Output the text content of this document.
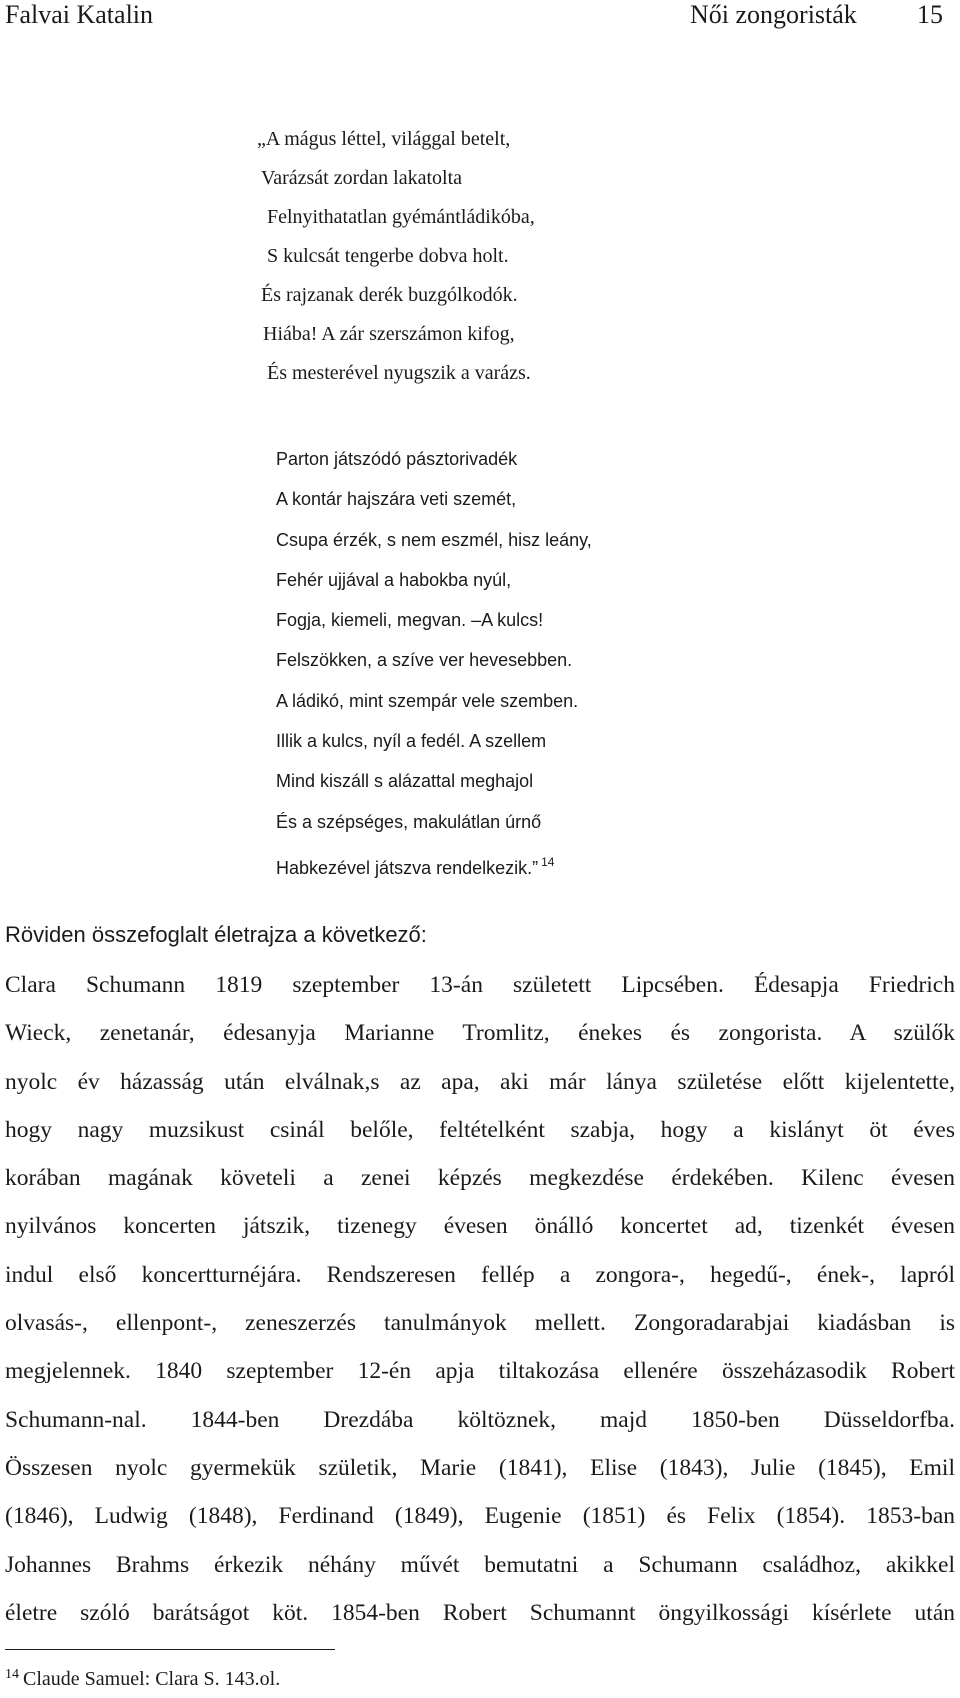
Falvai Katalin	Női zongoristák 15
„A mágus léttel, világgal betelt,
Varázsát zordan lakatolta
Felnyithatatlan gyémántládikóba,
S kulcsát tengerbe dobva holt.
És rajzanak derék buzgólkodók.
Hiába! A zár szerszámon kifog,
És mesterével nyugszik a varázs.
Parton játszódó pásztorivadék
A kontár hajszára veti szemét,
Csupa érzék, s nem eszmél, hisz leány,
Fehér ujjával a habokba nyúl,
Fogja, kiemeli, megvan. –A kulcs!
Felszökken, a szíve ver hevesebben.
A ládikó, mint szempár vele szemben.
Illik a kulcs, nyíl a fedél. A szellem
Mind kiszáll s alázattal meghajol
És a szépséges, makulátlan úrnő
Habkezével játszva rendelkezik.” $^{14}$
Röviden összefoglalt életrajza a következő:
Clara Schumann 1819 szeptember 13-án született Lipcsében. Édesapja Friedrich
Wieck, zenetanár, édesanyja Marianne Tromlitz, énekes és zongorista. A szülők
nyolc év házasság után elválnak,s az apa, aki már lánya születése előtt kijelentette,
hogy nagy muzsikust csinál belőle, feltételként szabja, hogy a kislányt öt éves
korában magának követeli a zenei képzés megkezdése érdekében. Kilenc évesen
nyilvános koncerten játszik, tizenegy évesen önálló koncertet ad, tizenkét évesen
indul első koncertturnéjára. Rendszeresen fellép a zongora-, hegedű-, ének-, lapról
olvasás-, ellenpont-, zeneszerzés tanulmányok mellett. Zongoradarabjai kiadásban is
megjelennek. 1840 szeptember 12-én apja tiltakozása ellenére összeházasodik Robert
Schumann-nal. 1844-ben Drezdába költöznek, majd 1850-ben Düsseldorfba.
Összesen nyolc gyermekük születik, Marie (1841), Elise (1843), Julie (1845), Emil
(1846), Ludwig (1848), Ferdinand (1849), Eugenie (1851) és Felix (1854). 1853-ban
Johannes Brahms érkezik néhány művét bemutatni a Schumann családhoz, akikkel
életre szóló barátságot köt. 1854-ben Robert Schumannt öngyilkossági kísérlete után
$^{14}$ Claude Samuel: Clara S. 143.ol.
